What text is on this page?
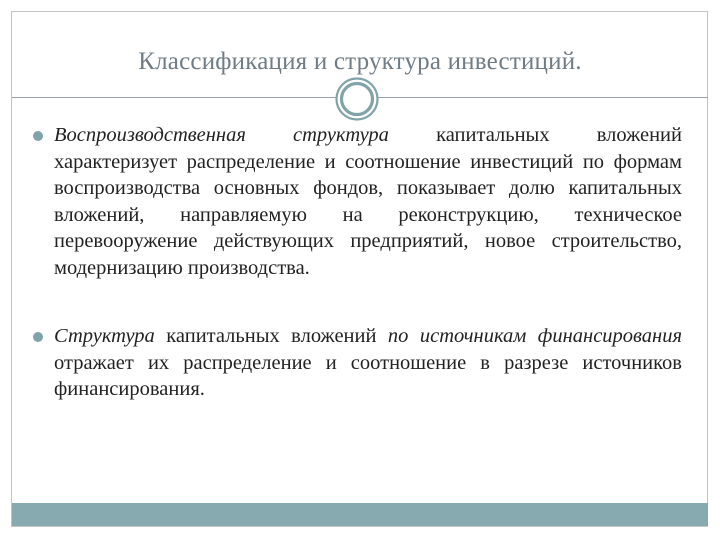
Классификация и структура инвестиций.
Воспроизводственная структура капитальных вложений характеризует распределение и соотношение инвестиций по формам воспроизводства основных фондов, показывает долю капитальных вложений, направляемую на реконструкцию, техническое перевооружение действующих предприятий, новое строительство, модернизацию производства.
Структура капитальных вложений по источникам финансирования отражает их распределение и соотношение в разрезе источников финансирования.
